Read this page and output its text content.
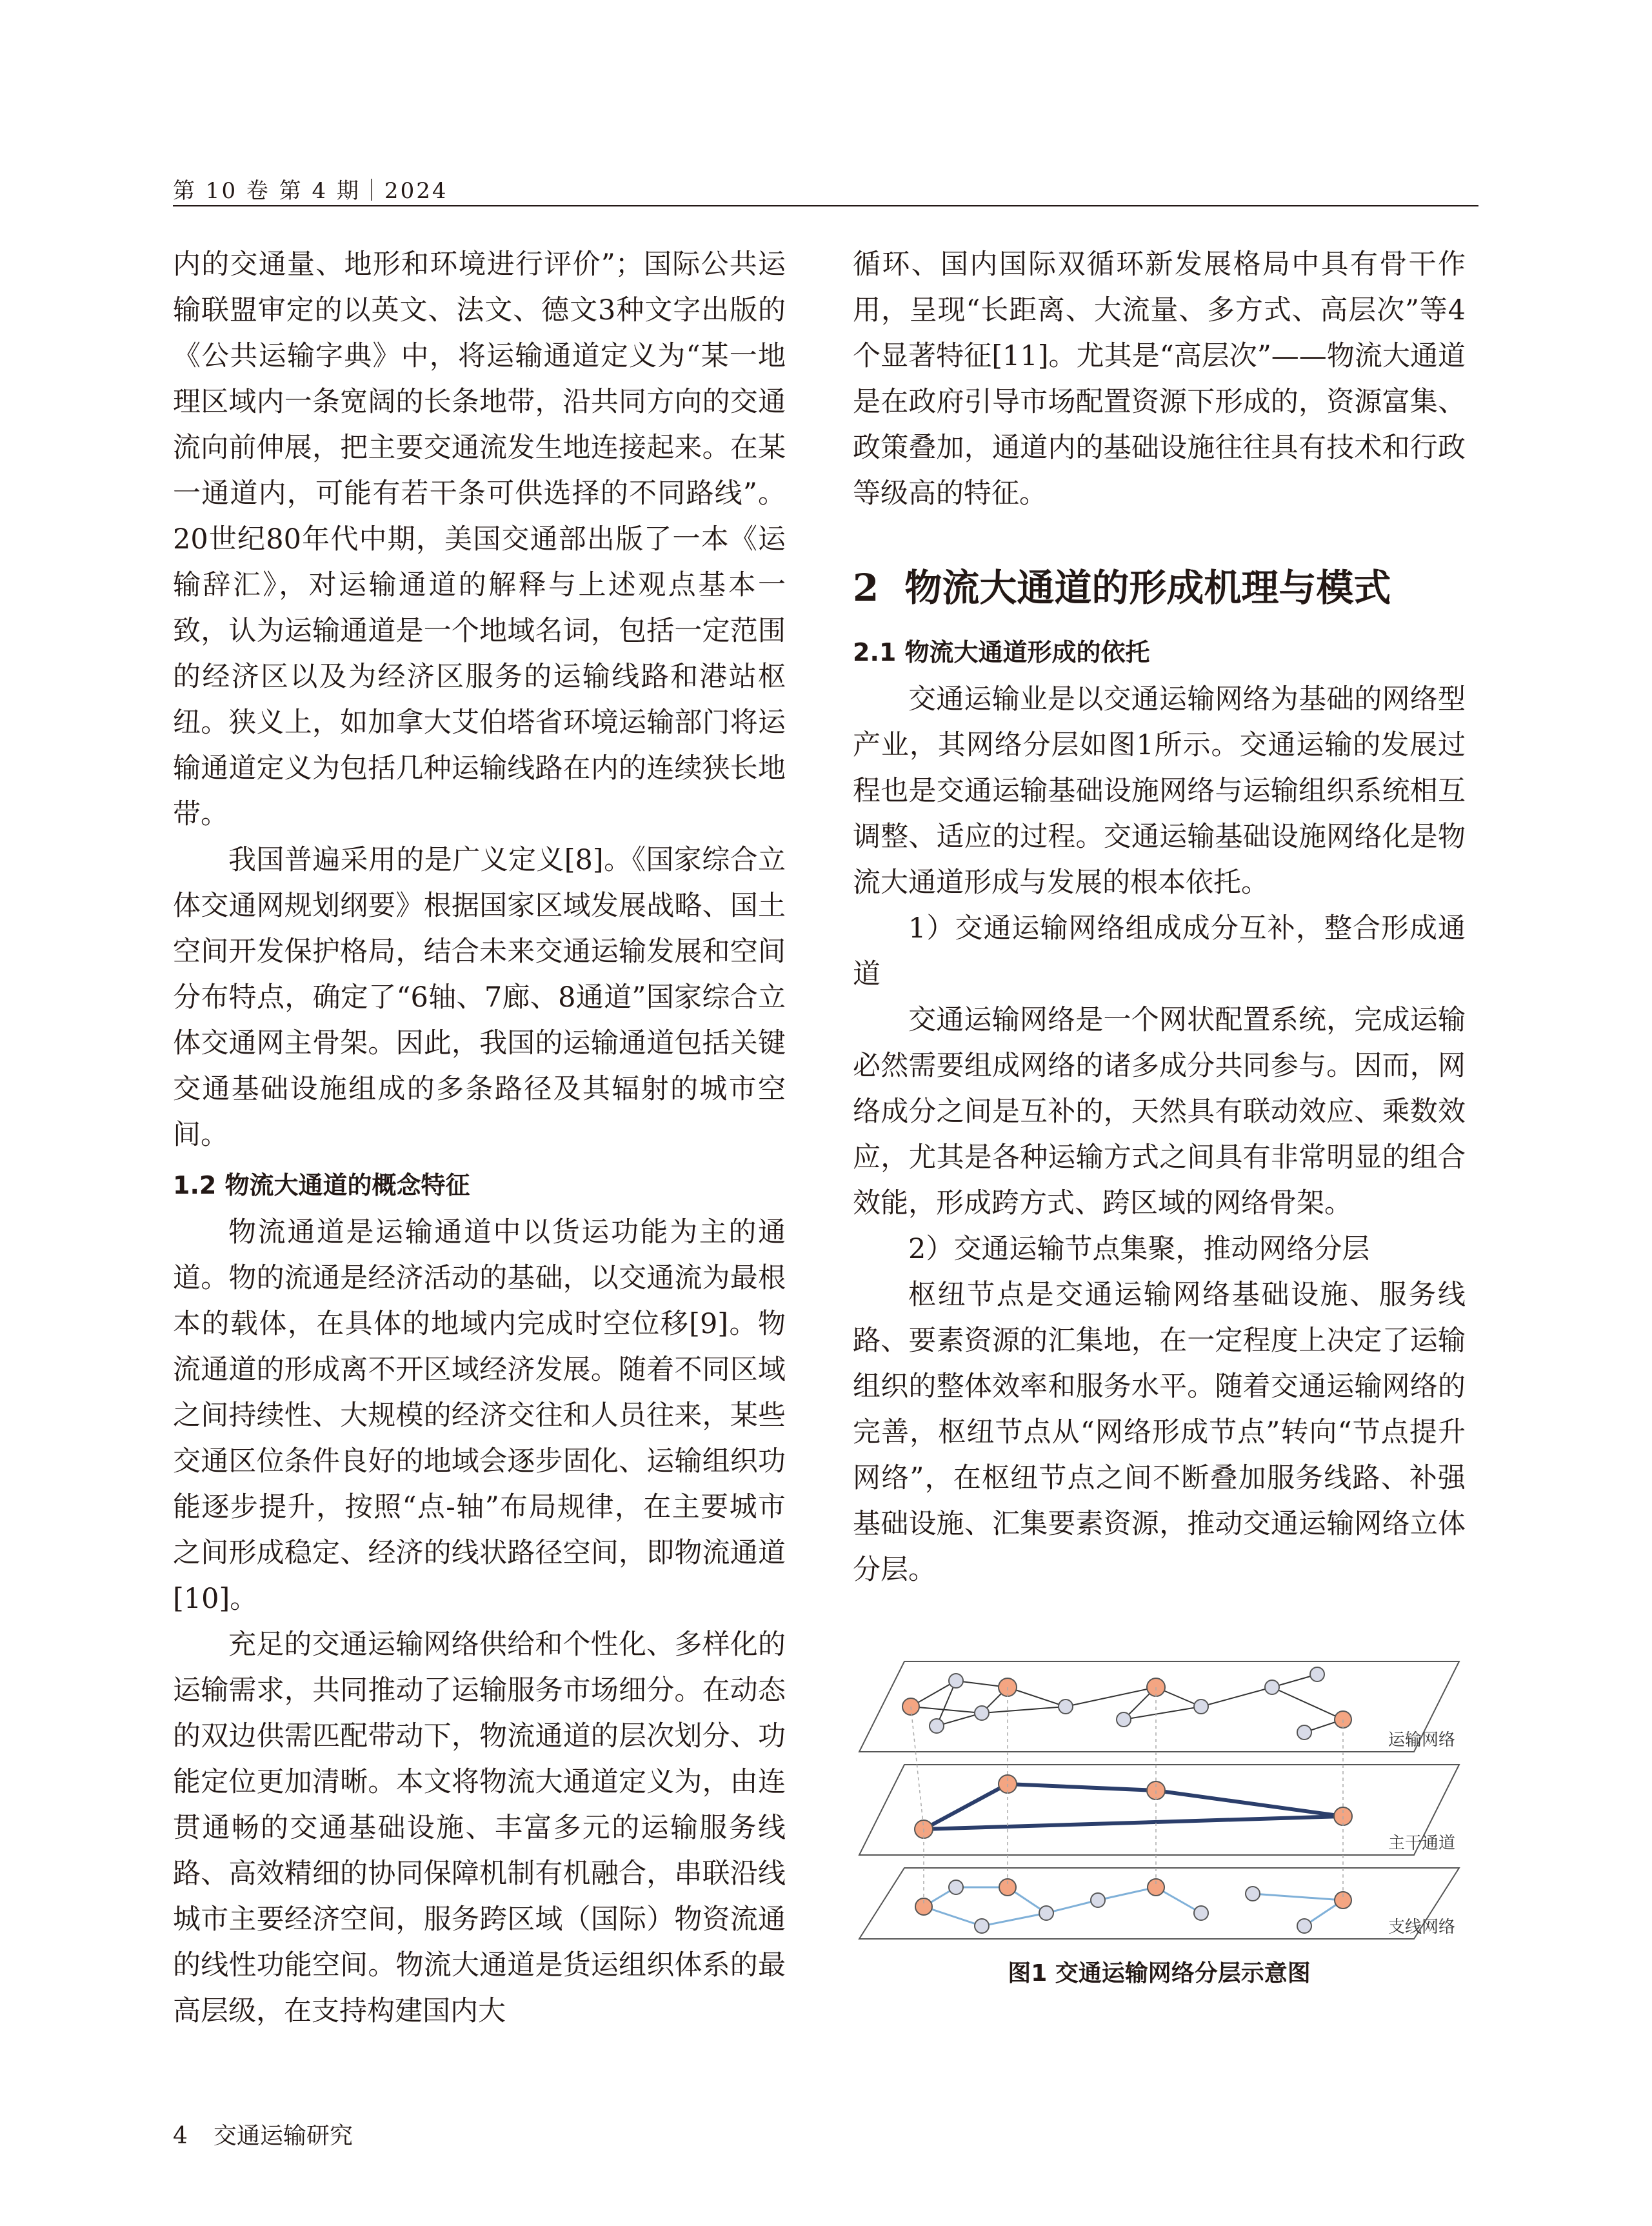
第 10 卷 第 4 期｜2024

内的交通量、地形和环境进行评价”；国际公共运输联盟审定的以英文、法文、德文3种文字出版的《公共运输字典》中，将运输通道定义为“某一地理区域内一条宽阔的长条地带，沿共同方向的交通流向前伸展，把主要交通流发生地连接起来。在某一通道内，可能有若干条可供选择的不同路线”。20世纪80年代中期，美国交通部出版了一本《运输辞汇》，对运输通道的解释与上述观点基本一致，认为运输通道是一个地域名词，包括一定范围的经济区以及为经济区服务的运输线路和港站枢纽。狭义上，如加拿大艾伯塔省环境运输部门将运输通道定义为包括几种运输线路在内的连续狭长地带。

我国普遍采用的是广义定义[8]。《国家综合立体交通网规划纲要》根据国家区域发展战略、国土空间开发保护格局，结合未来交通运输发展和空间分布特点，确定了“6轴、7廊、8通道”国家综合立体交通网主骨架。因此，我国的运输通道包括关键交通基础设施组成的多条路径及其辐射的城市空间。

1.2 物流大通道的概念特征

物流通道是运输通道中以货运功能为主的通道。物的流通是经济活动的基础，以交通流为最根本的载体，在具体的地域内完成时空位移[9]。物流通道的形成离不开区域经济发展。随着不同区域之间持续性、大规模的经济交往和人员往来，某些交通区位条件良好的地域会逐步固化、运输组织功能逐步提升，按照“点-轴”布局规律，在主要城市之间形成稳定、经济的线状路径空间，即物流通道[10]。

充足的交通运输网络供给和个性化、多样化的运输需求，共同推动了运输服务市场细分。在动态的双边供需匹配带动下，物流通道的层次划分、功能定位更加清晰。本文将物流大通道定义为，由连贯通畅的交通基础设施、丰富多元的运输服务线路、高效精细的协同保障机制有机融合，串联沿线城市主要经济空间，服务跨区域（国际）物资流通的线性功能空间。物流大通道是货运组织体系的最高层级，在支持构建国内大

循环、国内国际双循环新发展格局中具有骨干作用，呈现“长距离、大流量、多方式、高层次”等4个显著特征[11]。尤其是“高层次”——物流大通道是在政府引导市场配置资源下形成的，资源富集、政策叠加，通道内的基础设施往往具有技术和行政等级高的特征。

2 物流大通道的形成机理与模式
2.1 物流大通道形成的依托

交通运输业是以交通运输网络为基础的网络型产业，其网络分层如图1所示。交通运输的发展过程也是交通运输基础设施网络与运输组织系统相互调整、适应的过程。交通运输基础设施网络化是物流大通道形成与发展的根本依托。

1）交通运输网络组成成分互补，整合形成通道

交通运输网络是一个网状配置系统，完成运输必然需要组成网络的诸多成分共同参与。因而，网络成分之间是互补的，天然具有联动效应、乘数效应，尤其是各种运输方式之间具有非常明显的组合效能，形成跨方式、跨区域的网络骨架。

2）交通运输节点集聚，推动网络分层

枢纽节点是交通运输网络基础设施、服务线路、要素资源的汇集地，在一定程度上决定了运输组织的整体效率和服务水平。随着交通运输网络的完善，枢纽节点从“网络形成节点”转向“节点提升网络”，在枢纽节点之间不断叠加服务线路、补强基础设施、汇集要素资源，推动交通运输网络立体分层。

运输网络
主干通道
支线网络
图1 交通运输网络分层示意图
4 交通运输研究
